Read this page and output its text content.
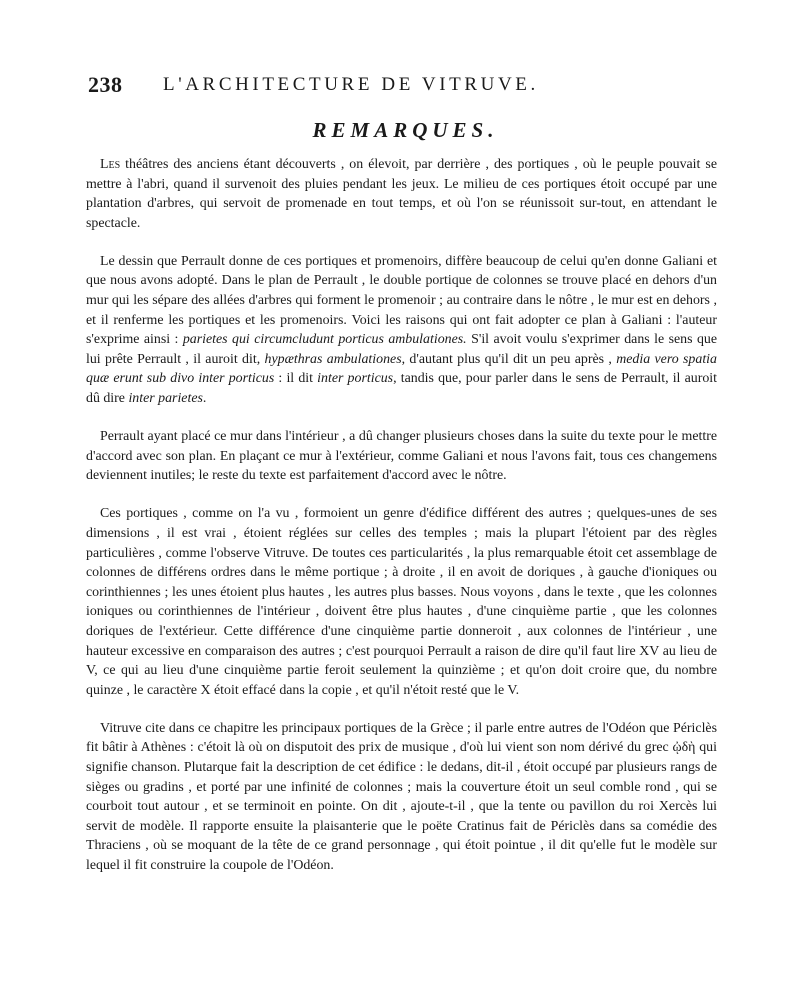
238 L'ARCHITECTURE DE VITRUVE.
REMARQUES.

Les théâtres des anciens étant découverts , on élevoit, par derrière , des portiques , où le peuple pouvait se mettre à l'abri, quand il survenoit des pluies pendant les jeux. Le milieu de ces portiques étoit occupé par une plantation d'arbres, qui servoit de promenade en tout temps, et où l'on se réunissoit sur-tout, en attendant le spectacle.

Le dessin que Perrault donne de ces portiques et promenoirs, diffère beaucoup de celui qu'en donne Galiani et que nous avons adopté. Dans le plan de Perrault , le double portique de colonnes se trouve placé en dehors d'un mur qui les sépare des allées d'arbres qui forment le promenoir ; au contraire dans le nôtre , le mur est en dehors , et il renferme les portiques et les promenoirs. Voici les raisons qui ont fait adopter ce plan à Galiani : l'auteur s'exprime ainsi : parietes qui circumcludunt porticus ambulationes. S'il avoit voulu s'exprimer dans le sens que lui prête Perrault , il auroit dit, hypæthras ambulationes, d'autant plus qu'il dit un peu après , media vero spatia quæ erunt sub divo inter porticus : il dit inter porticus, tandis que, pour parler dans le sens de Perrault, il auroit dû dire inter parietes.

Perrault ayant placé ce mur dans l'intérieur , a dû changer plusieurs choses dans la suite du texte pour le mettre d'accord avec son plan. En plaçant ce mur à l'extérieur, comme Galiani et nous l'avons fait, tous ces changemens deviennent inutiles; le reste du texte est parfaitement d'accord avec le nôtre.

Ces portiques , comme on l'a vu , formoient un genre d'édifice différent des autres ; quelques-unes de ses dimensions , il est vrai , étoient réglées sur celles des temples ; mais la plupart l'étoient par des règles particulières , comme l'observe Vitruve. De toutes ces particularités , la plus remarquable étoit cet assemblage de colonnes de différens ordres dans le même portique ; à droite , il en avoit de doriques , à gauche d'ioniques ou corinthiennes ; les unes étoient plus hautes , les autres plus basses. Nous voyons , dans le texte , que les colonnes ioniques ou corinthiennes de l'intérieur , doivent être plus hautes , d'une cinquième partie , que les colonnes doriques de l'extérieur. Cette différence d'une cinquième partie donneroit , aux colonnes de l'intérieur , une hauteur excessive en comparaison des autres ; c'est pourquoi Perrault a raison de dire qu'il faut lire XV au lieu de V, ce qui au lieu d'une cinquième partie feroit seulement la quinzième ; et qu'on doit croire que, du nombre quinze , le caractère X étoit effacé dans la copie , et qu'il n'étoit resté que le V.

Vitruve cite dans ce chapitre les principaux portiques de la Grèce ; il parle entre autres de l'Odéon que Périclès fit bâtir à Athènes : c'étoit là où on disputoit des prix de musique , d'où lui vient son nom dérivé du grec ᾠδὴ qui signifie chanson. Plutarque fait la description de cet édifice : le dedans, dit-il , étoit occupé par plusieurs rangs de sièges ou gradins , et porté par une infinité de colonnes ; mais la couverture étoit un seul comble rond , qui se courboit tout autour , et se terminoit en pointe. On dit , ajoute-t-il , que la tente ou pavillon du roi Xercès lui servit de modèle. Il rapporte ensuite la plaisanterie que le poëte Cratinus fait de Périclès dans sa comédie des Thraciens , où se moquant de la tête de ce grand personnage , qui étoit pointue , il dit qu'elle fut le modèle sur lequel il fit construire la coupole de l'Odéon.
